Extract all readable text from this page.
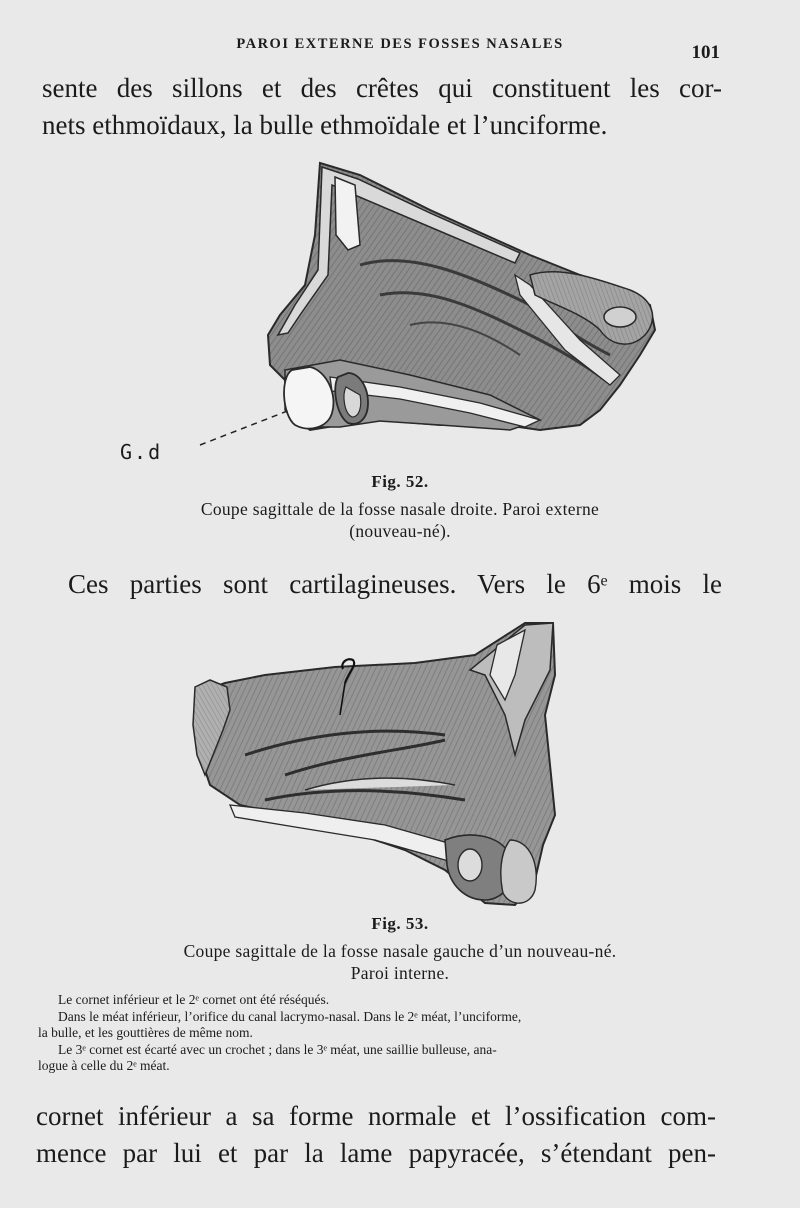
PAROI EXTERNE DES FOSSES NASALES	101
sente des sillons et des crêtes qui constituent les cor-
nets ethmoïdaux, la bulle ethmoïdale et l’unciforme.
G.d
Fig. 52.
Coupe sagittale de la fosse nasale droite. Paroi externe
(nouveau-né).
Ces parties sont cartilagineuses. Vers le 6ᵉ mois le
Fig. 53.
Coupe sagittale de la fosse nasale gauche d’un nouveau-né.
Paroi interne.
Le cornet inférieur et le 2ᵉ cornet ont été réséqués.
Dans le méat inférieur, l’orifice du canal lacrymo-nasal. Dans le 2ᵉ méat, l’unciforme,
la bulle, et les gouttières de même nom.
Le 3ᵉ cornet est écarté avec un crochet ; dans le 3ᵉ méat, une saillie bulleuse, ana-
logue à celle du 2ᵉ méat.
cornet inférieur a sa forme normale et l’ossification com-
mence par lui et par la lame papyracée, s’étendant pen-
